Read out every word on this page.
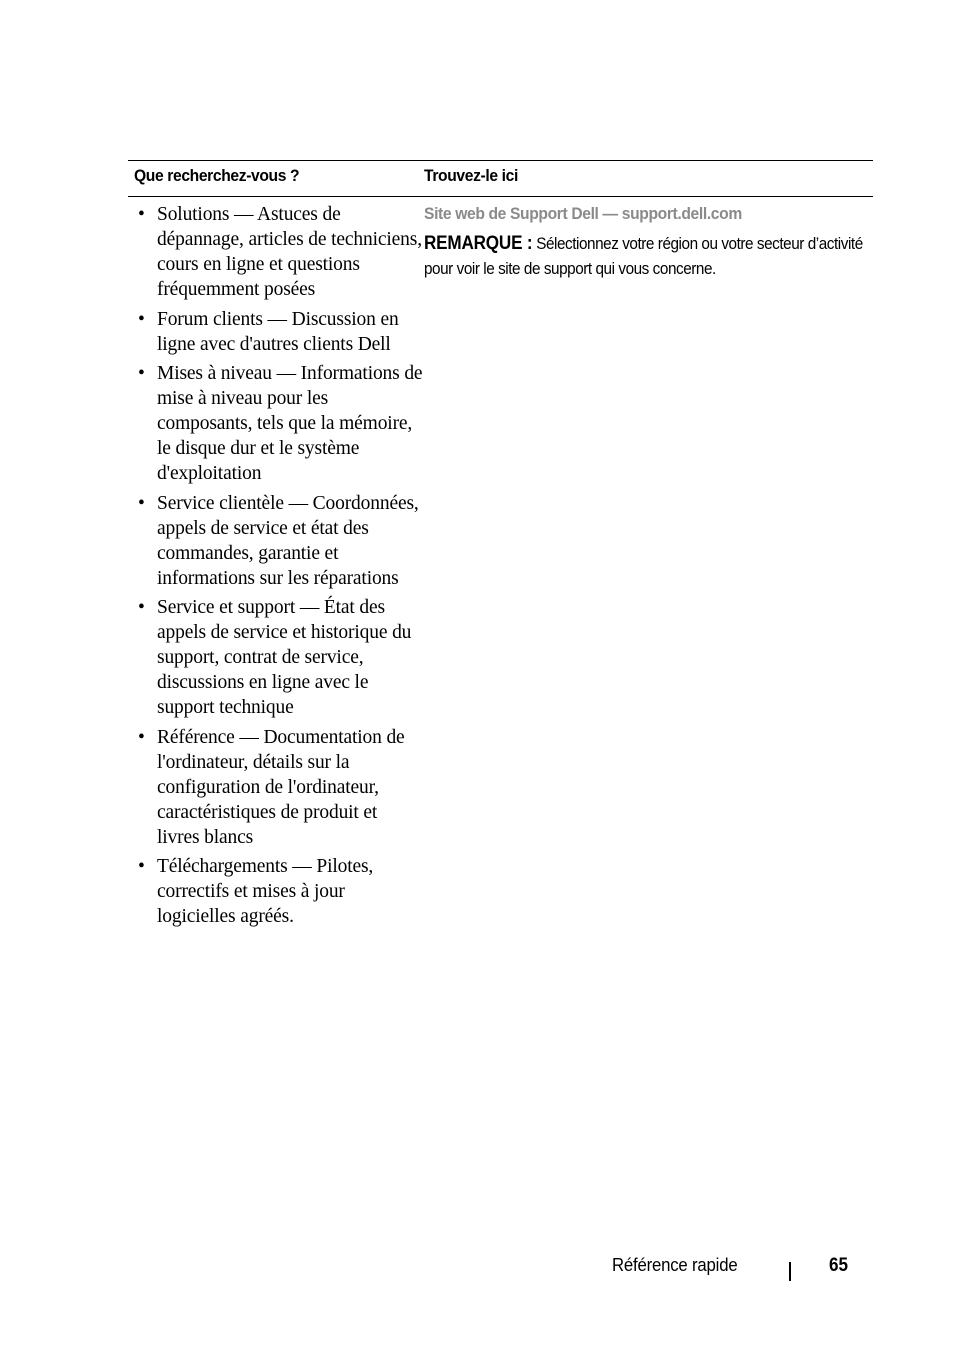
Que recherchez-vous ?	Trouvez-le ici
• Solutions — Astuces de dépannage, articles de techniciens, cours en ligne et questions fréquemment posées
• Forum clients — Discussion en ligne avec d'autres clients Dell
• Mises à niveau — Informations de mise à niveau pour les composants, tels que la mémoire, le disque dur et le système d'exploitation
• Service clientèle — Coordonnées, appels de service et état des commandes, garantie et informations sur les réparations
• Service et support — État des appels de service et historique du support, contrat de service, discussions en ligne avec le support technique
• Référence — Documentation de l'ordinateur, détails sur la configuration de l'ordinateur, caractéristiques de produit et livres blancs
• Téléchargements — Pilotes, correctifs et mises à jour logicielles agréés.
Site web de Support Dell — support.dell.com
REMARQUE : Sélectionnez votre région ou votre secteur d’activité pour voir le site de support qui vous concerne.
Référence rapide	65
